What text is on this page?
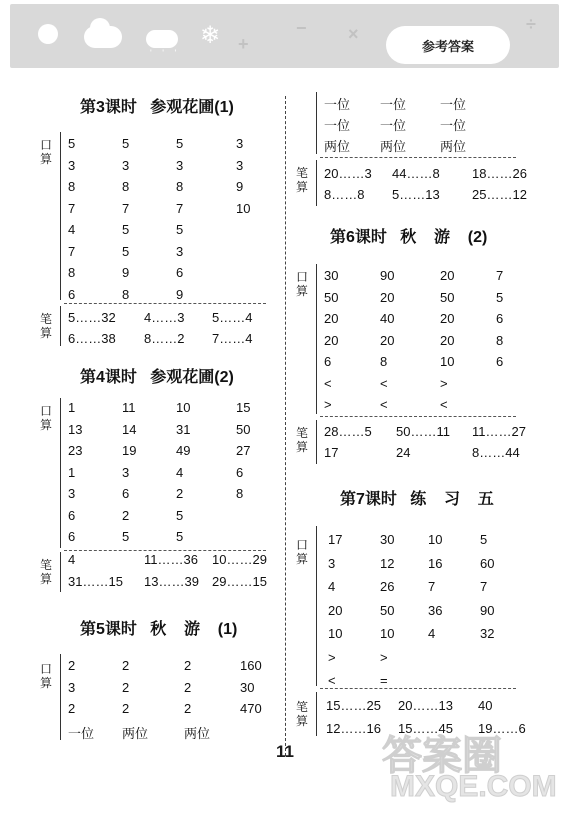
' ' '
❄ +
− ×	÷
参考答案
第3课时   参观花圃(1)
口
算
5	5	5	3
3	3	3	3
8	8	8	9
7	7	7	10
4	5	5
7	5	3
8	9	6
6	8	9
笔
算
5……32 4……3 5……4
6……38 8……2 7……4
第4课时   参观花圃(2)
口
算
1	11	10	15
13	14	31	50
23	19	49	27
1	3	4	6
3	6	2	8
6	2	5
6	5	5
笔
算
4	11……36 10……29
31……15 13……39 29……15
第5课时   秋    游    (1)
口
算
2	2	2	160
3	2	2	30
2	2	2	470
一位 两位	两位
一位 一位	一位
一位 一位	一位
两位 两位	两位
笔
算
20……3 44……8 18……26
8……8 5……13 25……12
第6课时   秋    游    (2)
口
算
30	90	20	7
50	20	50	5
20	40	20	6
20	20	20	8
6	8	10	6
<	<	>
>	<	<
笔
算
28……5 50……11 11……27
17	24	8……44
第7课时   练    习    五
口
算
17	30	10	5
3	12	16	60
4	26	7	7
20	50	36	90
10	10	4	32
>	>
<	=
笔
算
15……25 20……13 40
12……16 15……45 19……6
11 答案圈
MXQE.COM
